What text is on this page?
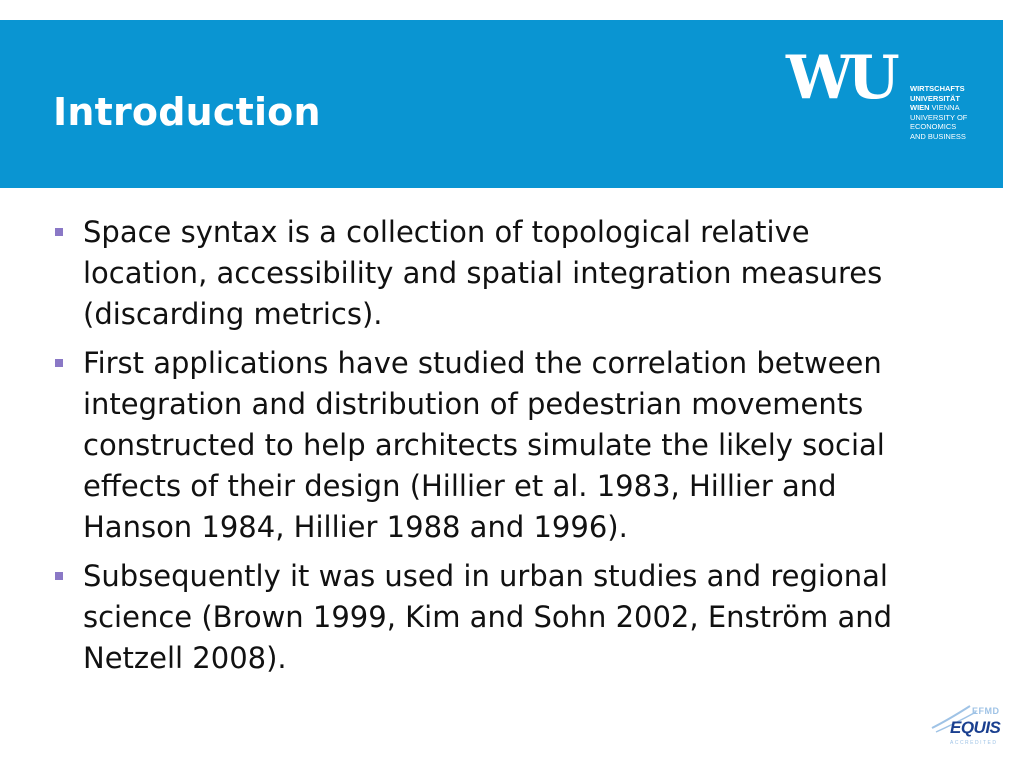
Introduction	WU WIRTSCHAFTS
UNIVERSITÄT
WIEN VIENNA
UNIVERSITY OF
ECONOMICS
AND BUSINESS
Space syntax is a collection of topological relative location, accessibility and spatial integration measures (discarding metrics).
First applications have studied the correlation between integration and distribution of pedestrian movements constructed to help architects simulate the likely social effects of their design (Hillier et al. 1983, Hillier and Hanson 1984, Hillier 1988 and 1996).
Subsequently it was used in urban studies and regional science (Brown 1999, Kim and Sohn 2002, Enström and Netzell 2008).
EFMD
EQUIS
ACCREDITED
